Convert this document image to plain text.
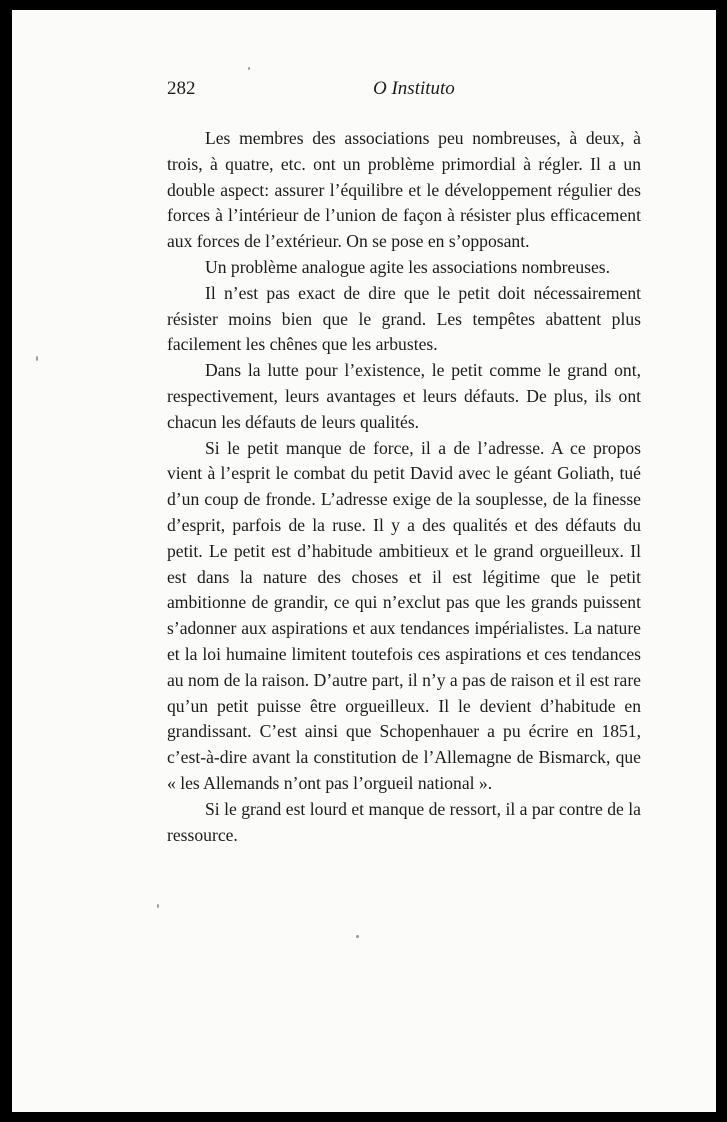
282	O Instituto

Les membres des associations peu nombreuses, à deux, à trois, à quatre, etc. ont un problème primordial à régler. Il a un double aspect: assurer l’équilibre et le développement régulier des forces à l’intérieur de l’union de façon à résister plus efficacement aux forces de l’extérieur. On se pose en s’opposant.

Un problème analogue agite les associations nombreuses.

Il n’est pas exact de dire que le petit doit nécessairement résister moins bien que le grand. Les tempêtes abattent plus facilement les chênes que les arbustes.

Dans la lutte pour l’existence, le petit comme le grand ont, respectivement, leurs avantages et leurs défauts. De plus, ils ont chacun les défauts de leurs qualités.

Si le petit manque de force, il a de l’adresse. A ce propos vient à l’esprit le combat du petit David avec le géant Goliath, tué d’un coup de fronde. L’adresse exige de la souplesse, de la finesse d’esprit, parfois de la ruse. Il y a des qualités et des défauts du petit. Le petit est d’habitude ambitieux et le grand orgueilleux. Il est dans la nature des choses et il est légitime que le petit ambitionne de grandir, ce qui n’exclut pas que les grands puissent s’adonner aux aspirations et aux tendances impérialistes. La nature et la loi humaine limitent toutefois ces aspirations et ces tendances au nom de la raison. D’autre part, il n’y a pas de raison et il est rare qu’un petit puisse être orgueilleux. Il le devient d’habitude en grandissant. C’est ainsi que Schopenhauer a pu écrire en 1851, c’est-à-dire avant la constitution de l’Allemagne de Bismarck, que « les Allemands n’ont pas l’orgueil national ».

Si le grand est lourd et manque de ressort, il a par contre de la ressource.
